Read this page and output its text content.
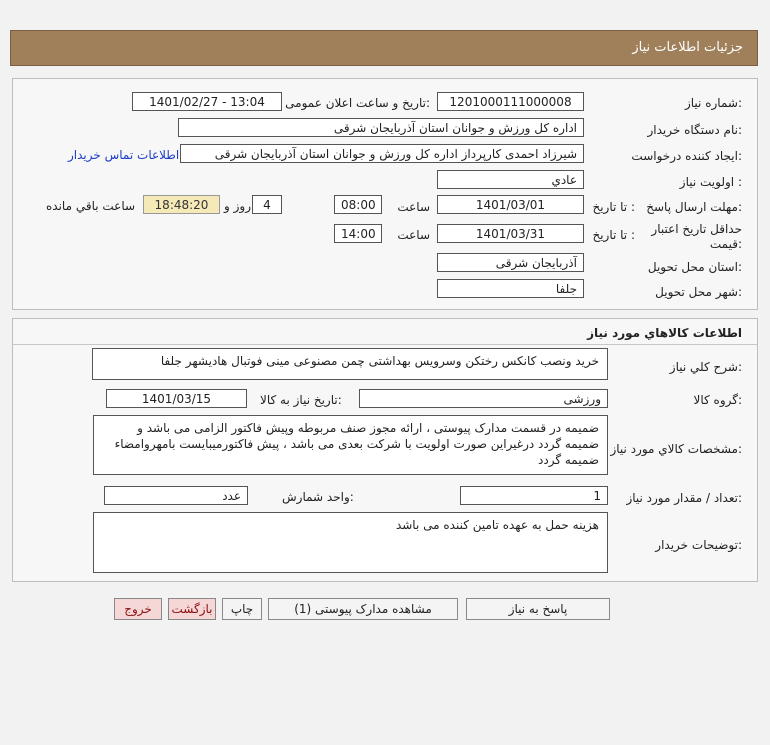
جزئیات اطلاعات نیاز
شماره نیاز:
1201000111000008
تاریخ و ساعت اعلان عمومی:
1401/02/27 - 13:04
نام دستگاه خریدار:
اداره کل ورزش و جوانان استان آذربایجان شرقی
ایجاد کننده درخواست:
شیرزاد احمدی کارپرداز اداره کل ورزش و جوانان استان آذربایجان شرقی
اطلاعات تماس خریدار
اولویت نیاز :
عادي
مهلت ارسال پاسخ:
تا تاریخ :
1401/03/01
ساعت
08:00
4
روز و
18:48:20
ساعت باقي مانده
حداقل تاریخ اعتبار قیمت:
تا تاریخ :
1401/03/31
ساعت
14:00
استان محل تحویل:
آذربایجان شرقی
شهر محل تحویل:
جلفا
اطلاعات کالاهاي مورد نياز
شرح کلي نياز:
خرید ونصب کانکس رختکن وسرویس بهداشتی چمن مصنوعی مینی فوتبال هادیشهر جلفا
گروه کالا:
ورزشی
تاریخ نیاز به کالا:
1401/03/15
مشخصات کالاي مورد نياز:
ضمیمه در قسمت مدارک پیوستی ، ارائه مجوز صنف مربوطه وپیش فاکتور الزامی می باشد و ضمیمه گردد درغیراین صورت اولویت با شرکت بعدی می باشد ، پیش فاکتورمیبایست بامهروامضاء ضمیمه گردد
تعداد / مقدار مورد نیاز:
1
واحد شمارش:
عدد
توضیحات خریدار:
هزینه حمل به عهده تامین کننده می باشد
پاسخ به نیاز
مشاهده مدارک پیوستی (1)
چاپ
بازگشت
خروج
